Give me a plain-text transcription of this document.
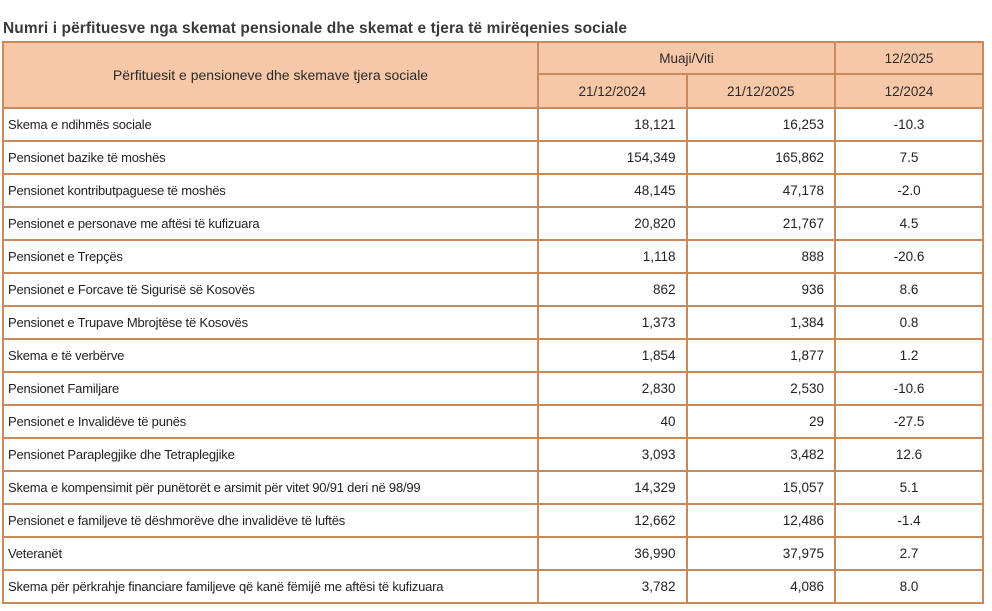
Numri i përfituesve nga skemat pensionale dhe skemat e tjera të mirëqenies sociale
Përfituesit e pensioneve dhe skemave tjera sociale	Muaji/Viti		12/2025
	21/12/2024	21/12/2025	12/2024
Skema e ndihmës sociale	18,121	16,253	-10.3
Pensionet bazike të moshës	154,349	165,862	7.5
Pensionet kontributpaguese të moshës	48,145	47,178	-2.0
Pensionet e personave me aftësi të kufizuara	20,820	21,767	4.5
Pensionet e Trepçës	1,118	888	-20.6
Pensionet e Forcave të Sigurisë së Kosovës	862	936	8.6
Pensionet e Trupave Mbrojtëse të Kosovës	1,373	1,384	0.8
Skema e të verbërve	1,854	1,877	1.2
Pensionet Familjare	2,830	2,530	-10.6
Pensionet e Invalidëve të punës	40	29	-27.5
Pensionet Paraplegjike dhe Tetraplegjike	3,093	3,482	12.6
Skema e kompensimit për punëtorët e arsimit për vitet 90/91 deri në 98/99	14,329	15,057	5.1
Pensionet e familjeve të dëshmorëve dhe invalidëve të luftës	12,662	12,486	-1.4
Veteranët	36,990	37,975	2.7
Skema për përkrahje financiare familjeve që kanë fëmijë me aftësi të kufizuara	3,782	4,086	8.0
